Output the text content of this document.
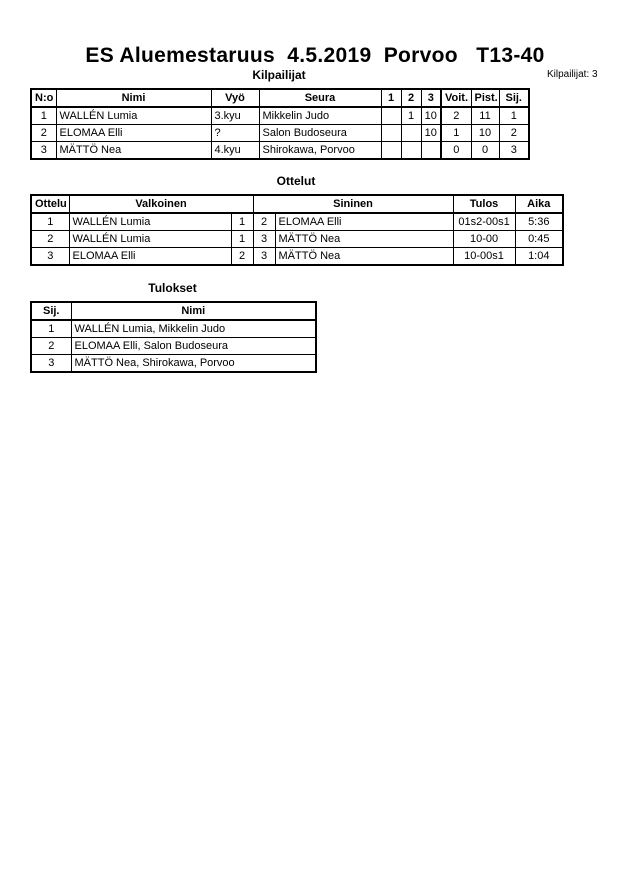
ES Aluemestaruus  4.5.2019  Porvoo   T13-40
Kilpailijat: 3
Kilpailijat
N:o	Nimi	Vyö	Seura	1	2	3	Voit.	Pist.	Sij.
1	WALLÉN Lumia	3.kyu	Mikkelin Judo		1	10	2	11	1
2	ELOMAA Elli	?	Salon Budoseura			10	1	10	2
3	MÄTTÖ Nea	4.kyu	Shirokawa, Porvoo				0	0	3
Ottelut
Ottelu	Valkoinen		Sininen		Tulos	Aika
1	WALLÉN Lumia	1	2	ELOMAA Elli	01s2-00s1	5:36
2	WALLÉN Lumia	1	3	MÄTTÖ Nea	10-00	0:45
3	ELOMAA Elli	2	3	MÄTTÖ Nea	10-00s1	1:04
Tulokset
Sij.	Nimi
1	WALLÉN Lumia, Mikkelin Judo
2	ELOMAA Elli, Salon Budoseura
3	MÄTTÖ Nea, Shirokawa, Porvoo
